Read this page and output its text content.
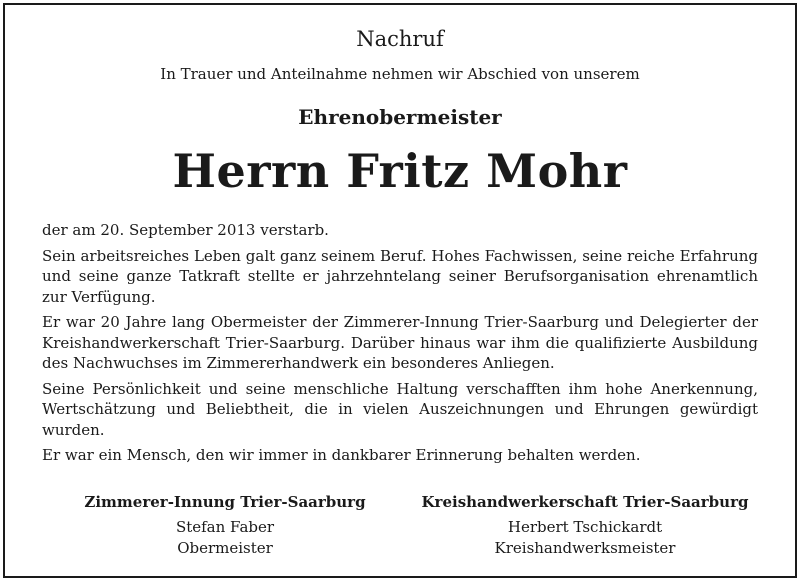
Nachruf
In Trauer und Anteilnahme nehmen wir Abschied von unserem
Ehrenobermeister
Herrn Fritz Mohr

der am 20. September 2013 verstarb.

Sein arbeitsreiches Leben galt ganz seinem Beruf. Hohes Fachwissen, seine reiche Erfahrung und seine ganze Tatkraft stellte er jahrzehntelang seiner Berufsorganisation ehrenamtlich zur Verfügung.

Er war 20 Jahre lang Obermeister der Zimmerer-Innung Trier-Saarburg und Delegierter der Kreishandwerkerschaft Trier-Saarburg. Darüber hinaus war ihm die qualifizierte Ausbildung des Nachwuchses im Zimmererhandwerk ein besonderes Anliegen.

Seine Persönlichkeit und seine menschliche Haltung verschafften ihm hohe Anerkennung, Wertschätzung und Beliebtheit, die in vielen Auszeichnungen und Ehrungen gewürdigt wurden.

Er war ein Mensch, den wir immer in dankbarer Erinnerung behalten werden.

Zimmerer-Innung Trier-Saarburg
Stefan Faber
Obermeister
Kreishandwerkerschaft Trier-Saarburg
Herbert Tschickardt
Kreishandwerksmeister
